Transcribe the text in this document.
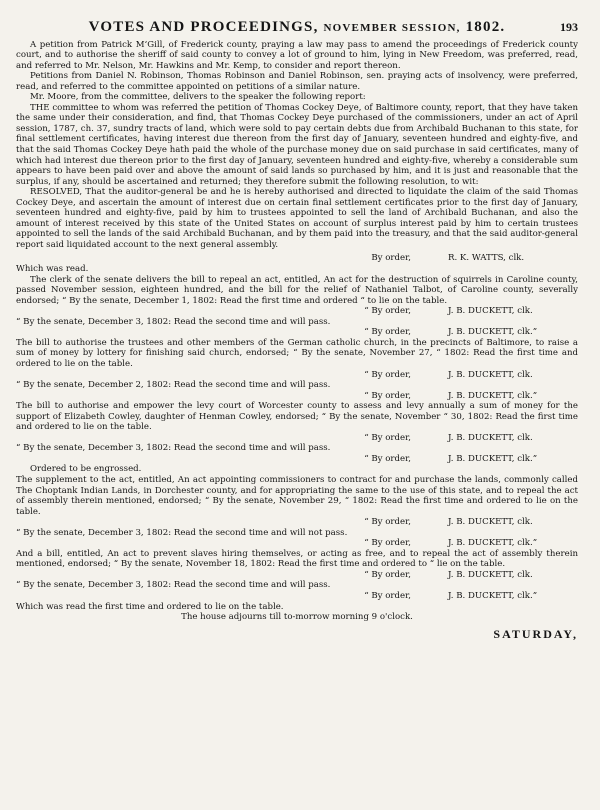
193
VOTES AND PROCEEDINGS, NOVEMBER SESSION, 1802.

A petition from Patrick M‘Gill, of Frederick county, praying a law may pass to amend the proceedings of Frederick county court, and to authorise the sheriff of said county to convey a lot of ground to him, lying in New Freedom, was preferred, read, and referred to Mr. Nelson, Mr. Hawkins and Mr. Kemp, to consider and report thereon.

Petitions from Daniel N. Robinson, Thomas Robinson and Daniel Robinson, sen. praying acts of insolvency, were preferred, read, and referred to the committee appointed on petitions of a similar nature.

Mr. Moore, from the committee, delivers to the speaker the following report:

THE committee to whom was referred the petition of Thomas Cockey Deye, of Baltimore county, report, that they have taken the same under their consideration, and find, that Thomas Cockey Deye purchased of the commissioners, under an act of April session, 1787, ch. 37, sundry tracts of land, which were sold to pay certain debts due from Archibald Buchanan to this state, for final settlement certificates, having interest due thereon from the first day of January, seventeen hundred and eighty-five, and that the said Thomas Cockey Deye hath paid the whole of the purchase money due on said purchase in said certificates, many of which had interest due thereon prior to the first day of January, seventeen hundred and eighty-five, whereby a considerable sum appears to have been paid over and above the amount of said lands so purchased by him, and it is just and reasonable that the surplus, if any, should be ascertained and returned; they therefore submit the following resolution, to wit:

RESOLVED, That the auditor-general be and he is hereby authorised and directed to liquidate the claim of the said Thomas Cockey Deye, and ascertain the amount of interest due on certain final settlement certificates prior to the first day of January, seventeen hundred and eighty-five, paid by him to trustees appointed to sell the land of Archibald Buchanan, and also the amount of interest received by this state of the United States on account of surplus interest paid by him to certain trustees appointed to sell the lands of the said Archibald Buchanan, and by them paid into the treasury, and that the said auditor-general report said liquidated account to the next general assembly.

By order,	R. K. WATTS, clk.

Which was read.

The clerk of the senate delivers the bill to repeal an act, entitled, An act for the destruction of squirrels in Caroline county, passed November session, eighteen hundred, and the bill for the relief of Nathaniel Talbot, of Caroline county, severally endorsed; “ By the senate, December 1, 1802: Read the first time and ordered “ to lie on the table.

“ By order,	J. B. DUCKETT, clk.

“ By the senate, December 3, 1802: Read the second time and will pass.

“ By order,	J. B. DUCKETT, clk.”

The bill to authorise the trustees and other members of the German catholic church, in the precincts of Baltimore, to raise a sum of money by lottery for finishing said church, endorsed; “ By the senate, November 27, “ 1802: Read the first time and ordered to lie on the table.

“ By order,	J. B. DUCKETT, clk.

“ By the senate, December 2, 1802: Read the second time and will pass.

“ By order,	J. B. DUCKETT, clk.”

The bill to authorise and empower the levy court of Worcester county to assess and levy annually a sum of money for the support of Elizabeth Cowley, daughter of Henman Cowley, endorsed; “ By the senate, November “ 30, 1802: Read the first time and ordered to lie on the table.

“ By order,	J. B. DUCKETT, clk.

“ By the senate, December 3, 1802: Read the second time and will pass.

“ By order,	J. B. DUCKETT, clk.”

Ordered to be engrossed.

The supplement to the act, entitled, An act appointing commissioners to contract for and purchase the lands, commonly called The Choptank Indian Lands, in Dorchester county, and for appropriating the same to the use of this state, and to repeal the act of assembly therein mentioned, endorsed; “ By the senate, November 29, “ 1802: Read the first time and ordered to lie on the table.

“ By order,	J. B. DUCKETT, clk.

“ By the senate, December 3, 1802: Read the second time and will not pass.

“ By order,	J. B. DUCKETT, clk.”

And a bill, entitled, An act to prevent slaves hiring themselves, or acting as free, and to repeal the act of assembly therein mentioned, endorsed; “ By the senate, November 18, 1802: Read the first time and ordered to “ lie on the table.

“ By order,	J. B. DUCKETT, clk.

“ By the senate, December 3, 1802: Read the second time and will pass.

“ By order,	J. B. DUCKETT, clk.”

Which was read the first time and ordered to lie on the table.

The house adjourns till to-morrow morning 9 o'clock.

SATURDAY,
